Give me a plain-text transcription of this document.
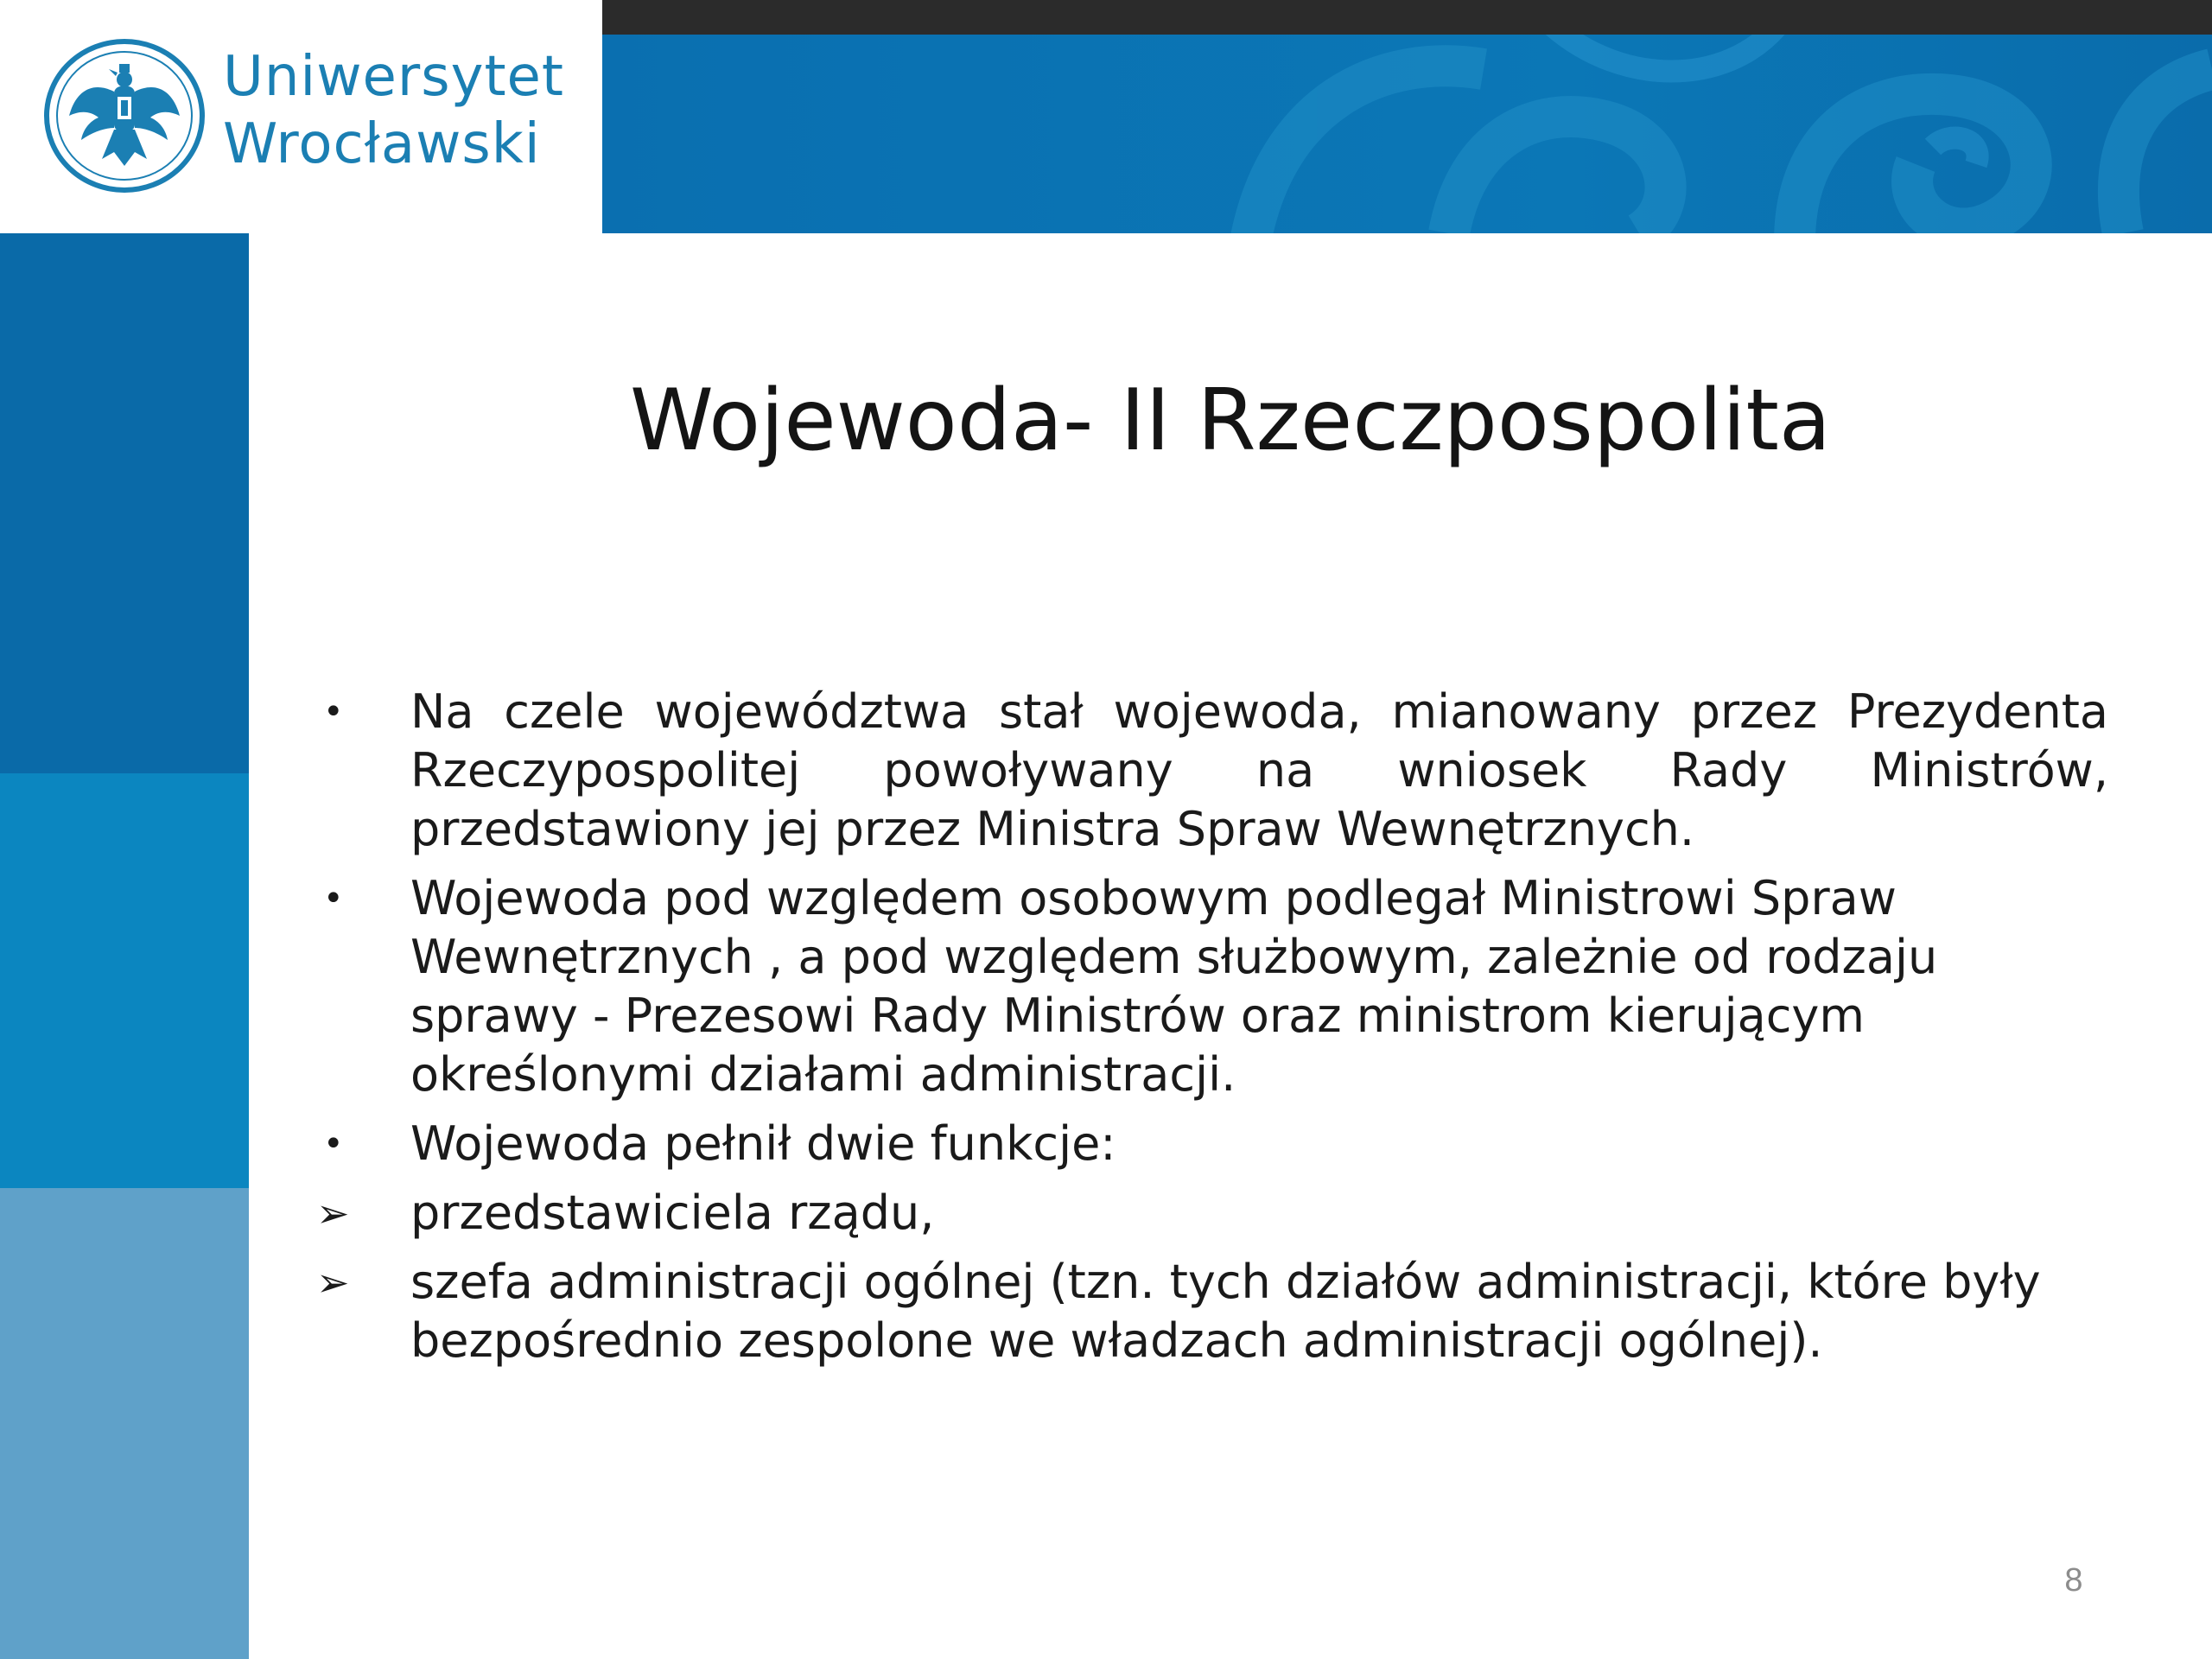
Uniwersytet
Wrocławski
Wojewoda- II Rzeczpospolita
•	Na czele województwa stał wojewoda, mianowany przez Prezydenta Rzeczypospolitej powoływany na wniosek Rady Ministrów, przedstawiony jej przez Ministra Spraw Wewnętrznych.
•	Wojewoda pod względem osobowym podlegał Ministrowi Spraw Wewnętrznych , a pod względem służbowym, zależnie od rodzaju sprawy - Prezesowi Rady Ministrów oraz ministrom kierującym określonymi działami administracji.
•	Wojewoda pełnił dwie funkcje:
➢	przedstawiciela rządu,
➢	szefa administracji ogólnej (tzn. tych działów administracji, które były bezpośrednio zespolone we władzach administracji ogólnej).
8
